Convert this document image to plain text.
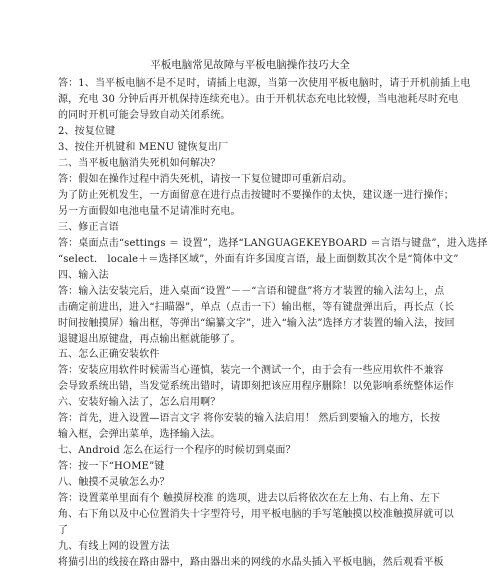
平板电脑常见故障与平板电脑操作技巧大全
答：1、当平板电脑不是不足时，请插上电源，当第一次使用平板电脑时，请于开机前插上电
源，充电 30 分钟后再开机保持连续充电）。由于开机状态充电比较慢，当电池耗尽时充电
的同时开机可能会导致自动关闭系统。
2、按复位键
3、按住开机键和 MENU 键恢复出厂
二、当平板电脑消失死机如何解决？
答：假如在操作过程中消失死机，请按一下复位键即可重新启动。
为了防止死机发生，一方面留意在进行点击按键时不要操作的太快，建议逐一进行操作；
另一方面假如电池电量不足请准时充电。
三、修正言语
答：桌面点击“settings ＝ 设置”，选择“LANGUAGEKEYBOARD ＝言语与键盘”，进入选择
“select． locale＋＝选择区域”，外面有许多国度言语，最上面倒数其次个是“简体中文”
四、输入法
答：输入法安装完后，进入桌面“设置”－－“言语和键盘”将方才装置的输入法勾上，点
击确定前进出，进入“扫瞄器”，单点（点击一下）输出框，等有键盘弹出后，再长点（长
时间按触摸屏）输出框，等弹出“编纂文字”，进入“输入法”选择方才装置的输入法，按回
退键退出原键盘，再点输出框就能够了。
五、怎么正确安装软件
答：安装应用软件时候需当心谨慎，装完一个测试一个，由于会有一些应用软件不兼容
会导致系统出错，当发觉系统出错时，请即刻把该应用程序删除！以免影响系统整体运作
六、安装好输入法了，怎么启用啊？
答：首先，进入设置—语言文字 将你安装的输入法启用！ 然后到要输入的地方，长按
输入框，会弹出菜单，选择输入法。
七、Android 怎么在运行一个程序的时候切到桌面？
答：按一下“HOME”键
八、触摸不灵敏怎么办？
答：设置菜单里面有个 触摸屏校准 的选项，进去以后将依次在左上角、右上角、左下
角、右下角以及中心位置消失十字型符号，用平板电脑的手写笔触摸以校准触摸屏就可以
了
九、有线上网的设置方法
将猫引出的线接在路由器中，路由器出来的网线的水晶头插入平板电脑，然后观看平板
